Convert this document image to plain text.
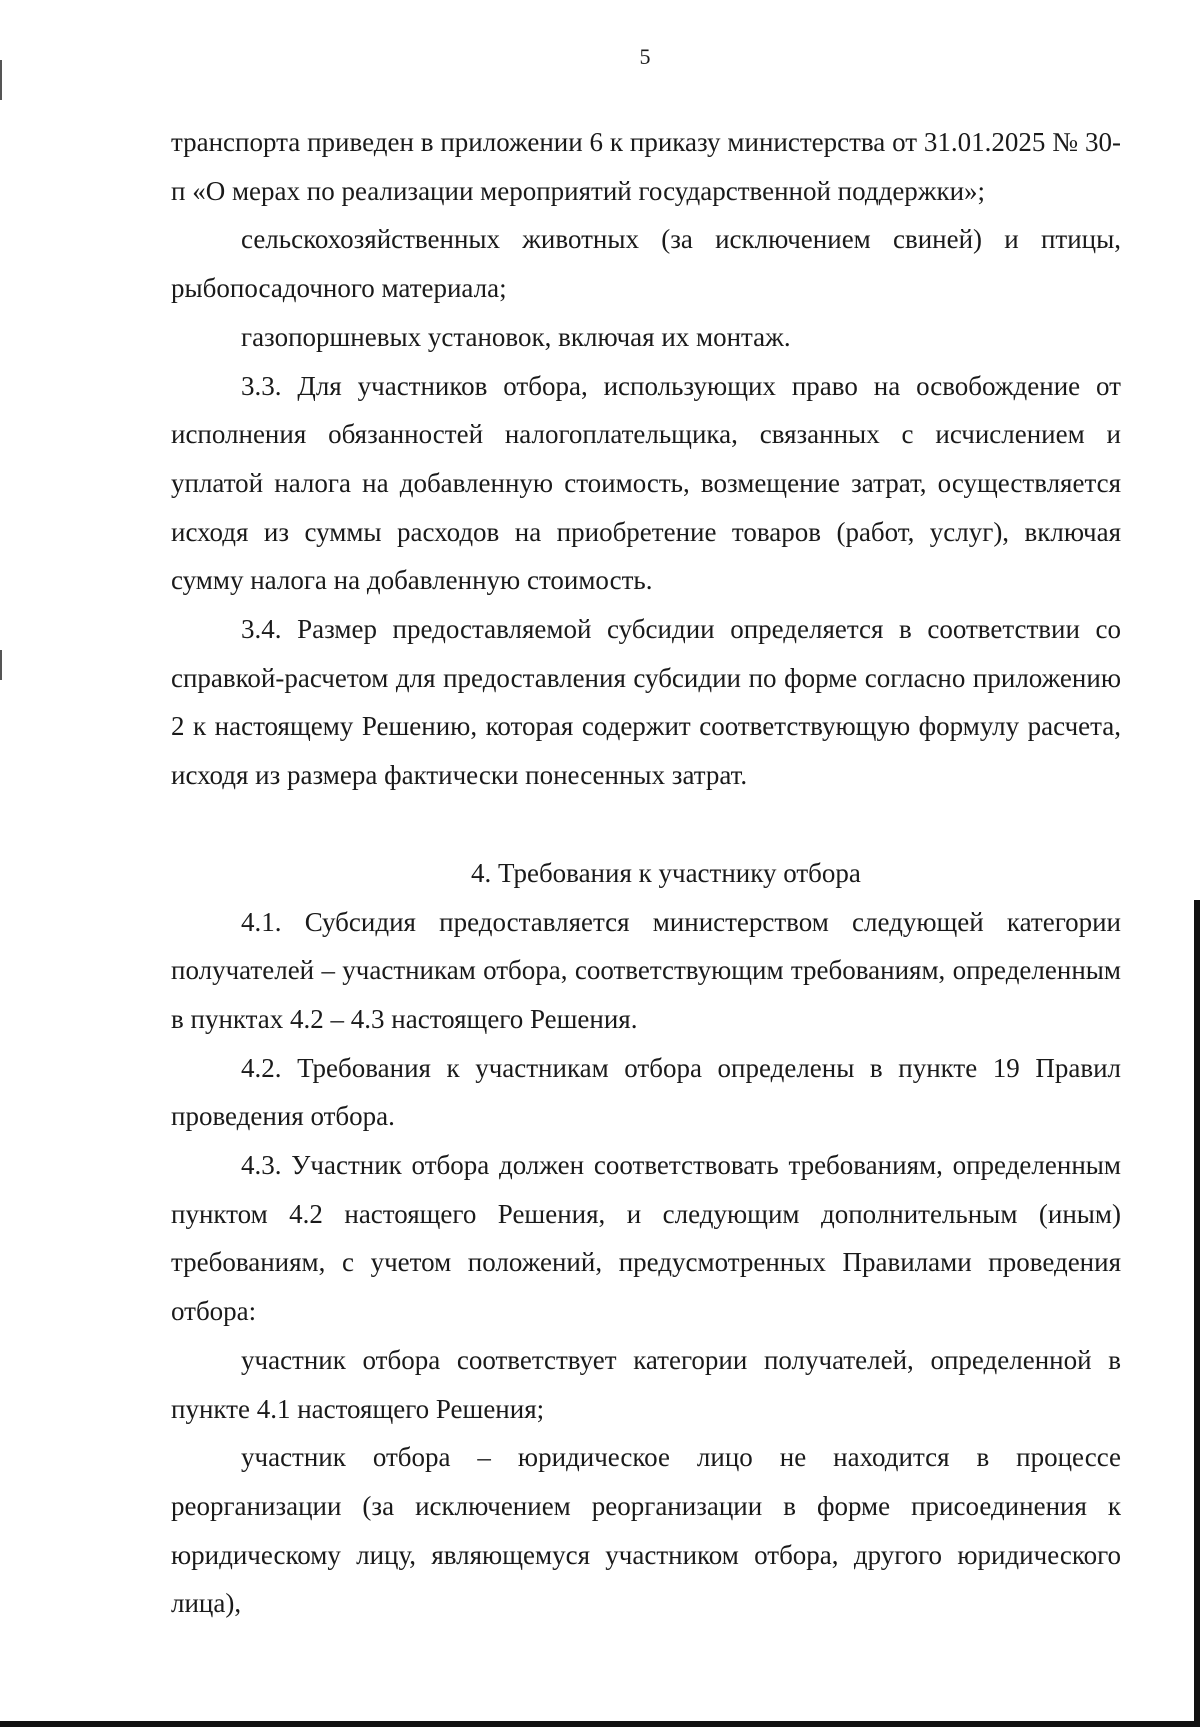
5

транспорта приведен в приложении 6 к приказу министерства от 31.01.2025 № 30-п «О мерах по реализации мероприятий государственной поддержки»;

сельскохозяйственных животных (за исключением свиней) и птицы, рыбопосадочного материала;

газопоршневых установок, включая их монтаж.

3.3. Для участников отбора, использующих право на освобождение от исполнения обязанностей налогоплательщика, связанных с исчислением и уплатой налога на добавленную стоимость, возмещение затрат, осуществляется исходя из суммы расходов на приобретение товаров (работ, услуг), включая сумму налога на добавленную стоимость.

3.4. Размер предоставляемой субсидии определяется в соответствии со справкой-расчетом для предоставления субсидии по форме согласно приложению 2 к настоящему Решению, которая содержит соответствующую формулу расчета, исходя из размера фактически понесенных затрат.

4. Требования к участнику отбора

4.1. Субсидия предоставляется министерством следующей категории получателей – участникам отбора, соответствующим требованиям, определенным в пунктах 4.2 – 4.3 настоящего Решения.

4.2. Требования к участникам отбора определены в пункте 19 Правил проведения отбора.

4.3. Участник отбора должен соответствовать требованиям, определенным пунктом 4.2 настоящего Решения, и следующим дополнительным (иным) требованиям, с учетом положений, предусмотренных Правилами проведения отбора:

участник отбора соответствует категории получателей, определенной в пункте 4.1 настоящего Решения;

участник отбора – юридическое лицо не находится в процессе реорганизации (за исключением реорганизации в форме присоединения к юридическому лицу, являющемуся участником отбора, другого юридического лица),
